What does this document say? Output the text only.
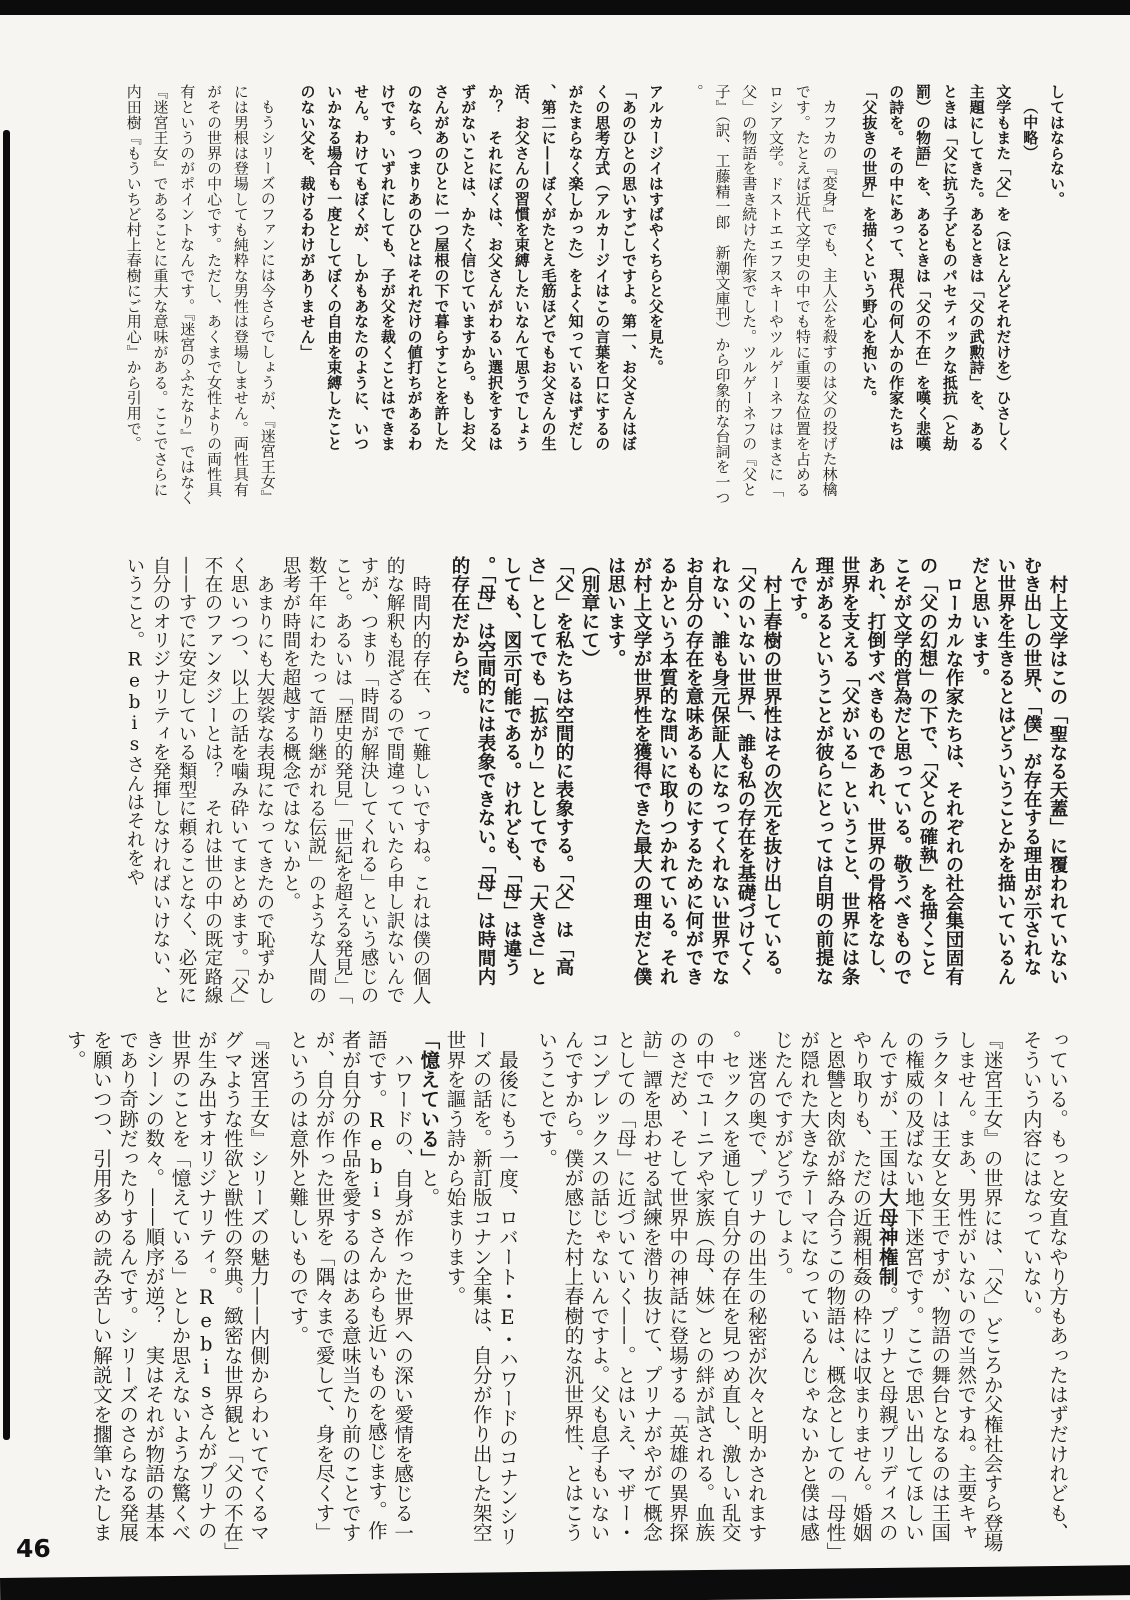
してはならない。

（中略）

文学もまた「父」を（ほとんどそれだけを）ひさしく主題にしてきた。あるときは「父の武勲詩」を、あるときは「父に抗う子どものパセティックな抵抗（と劫罰）の物語」を、あるときは「父の不在」を嘆く悲嘆の詩を。その中にあって、現代の何人かの作家たちは「父抜きの世界」を描くという野心を抱いた。

カフカの『変身』でも、主人公を殺すのは父の投げた林檎です。たとえば近代文学史の中でも特に重要な位置を占めるロシア文学。ドストエエフスキーやツルゲーネフはまさに「父」の物語を書き続けた作家でした。ツルゲーネフの『父と子』（訳、工藤精一郎　新潮文庫刊）から印象的な台詞を一つ。

アルカージイはすばやくちらと父を見た。

「あのひとの思いすごしですよ。第一、お父さんはぼくの思考方式（アルカージイはこの言葉を口にするのがたまらなく楽しかった）をよく知っているはずだし、第二に——ぼくがたとえ毛筋ほどでもお父さんの生活、お父さんの習慣を束縛したいなんて思うでしょうか？　それにぼくは、お父さんがわるい選択をするはずがないことは、かたく信じていますから。もしお父さんがあのひとに一つ屋根の下で暮らすことを許したのなら、つまりあのひとはそれだけの値打ちがあるわけです。いずれにしても、子が父を裁くことはできません。わけてもぼくが、しかもあなたのように、いついかなる場合も一度としてぼくの自由を束縛したことのない父を、裁けるわけがありません」

もうシリーズのファンには今さらでしょうが、『迷宮王女』には男根は登場しても純粋な男性は登場しません。両性具有がその世界の中心です。ただし、あくまで女性よりの両性具有というのがポイントなんです。『迷宮のふたなり』ではなく『迷宮王女』であることに重大な意味がある。ここでさらに内田樹『もういちど村上春樹にご用心』から引用で。

村上文学はこの「聖なる天蓋」に覆われていないむき出しの世界、「僕」が存在する理由が示されない世界を生きるとはどういうことかを描いているんだと思います。

ローカルな作家たちは、それぞれの社会集団固有の「父の幻想」の下で、「父との確執」を描くことこそが文学的営為だと思っている。敬うべきものであれ、打倒すべきものであれ、世界の骨格をなし、世界を支える「父がいる」ということ、世界には条理があるということが彼らにとっては自明の前提なんです。

村上春樹の世界性はその次元を抜け出している。「父のいない世界」、誰も私の存在を基礎づけてくれない、誰も身元保証人になってくれない世界でなお自分の存在を意味あるものにするために何ができるかという本質的な問いに取りつかれている。それが村上文学が世界性を獲得できた最大の理由だと僕は思います。

（別章にて）

「父」を私たちは空間的に表象する。「父」は「高さ」としてでも「拡がり」としてでも「大きさ」としても、図示可能である。けれども、「母」は違う。「母」は空間的には表象できない。「母」は時間内的存在だからだ。

時間内的存在、って難しいですね。これは僕の個人的な解釈も混ざるので間違っていたら申し訳ないんですが、つまり「時間が解決してくれる」という感じのこと。あるいは「歴史的発見」「世紀を超える発見」「数千年にわたって語り継がれる伝説」のような人間の思考が時間を超越する概念ではないかと。

あまりにも大袈裟な表現になってきたので恥ずかしく思いつつ、以上の話を噛み砕いてまとめます。「父」不在のファンタジーとは？　それは世の中の既定路線——すでに安定している類型に頼ることなく、必死に自分のオリジナリティを発揮しなければいけない、ということ。Rebisさんはそれをや

っている。もっと安直なやり方もあったはずだけれども、そういう内容にはなっていない。

『迷宮王女』の世界には、「父」どころか父権社会すら登場しません。まあ、男性がいないので当然ですね。主要キャラクターは王女と女王ですが、物語の舞台となるのは王国の権威の及ばない地下迷宮です。ここで思い出してほしいんですが、王国は大母神権制。プリナと母親プリディスのやり取りも、ただの近親相姦の枠には収まりません。婚姻と恩讐と肉欲が絡み合うこの物語は、概念としての「母性」が隠れた大きなテーマになっているんじゃないかと僕は感じたんですがどうでしょう。

迷宮の奥で、プリナの出生の秘密が次々と明かされます。セックスを通して自分の存在を見つめ直し、激しい乱交の中でユーニアや家族（母、妹）との絆が試される。血族のさだめ、そして世界中の神話に登場する「英雄の異界探訪」譚を思わせる試練を潜り抜けて、プリナがやがて概念としての「母」に近づいていく——。とはいえ、マザー・コンプレックスの話じゃないんですよ。父も息子もいないんですから。僕が感じた村上春樹的な汎世界性、とはこういうことです。

最後にもう一度、ロバート・E・ハワードのコナンシリーズの話を。新訂版コナン全集は、自分が作り出した架空世界を謳う詩から始まります。

「憶えている」と。

ハワードの、自身が作った世界への深い愛情を感じる一語です。Rebisさんからも近いものを感じます。作者が自分の作品を愛するのはある意味当たり前のことですが、自分が作った世界を「隅々まで愛して、身を尽くす」というのは意外と難しいものです。

『迷宮王女』シリーズの魅力——内側からわいてでくるマグマような性欲と獣性の祭典。緻密な世界観と「父の不在」が生み出すオリジナリティ。Rebisさんがプリナの世界のことを「憶えている」としか思えないような驚くべきシーンの数々。——順序が逆？　実はそれが物語の基本であり奇跡だったりするんです。シリーズのさらなる発展を願いつつ、引用多めの読み苦しい解説文を擱筆いたします。

46
